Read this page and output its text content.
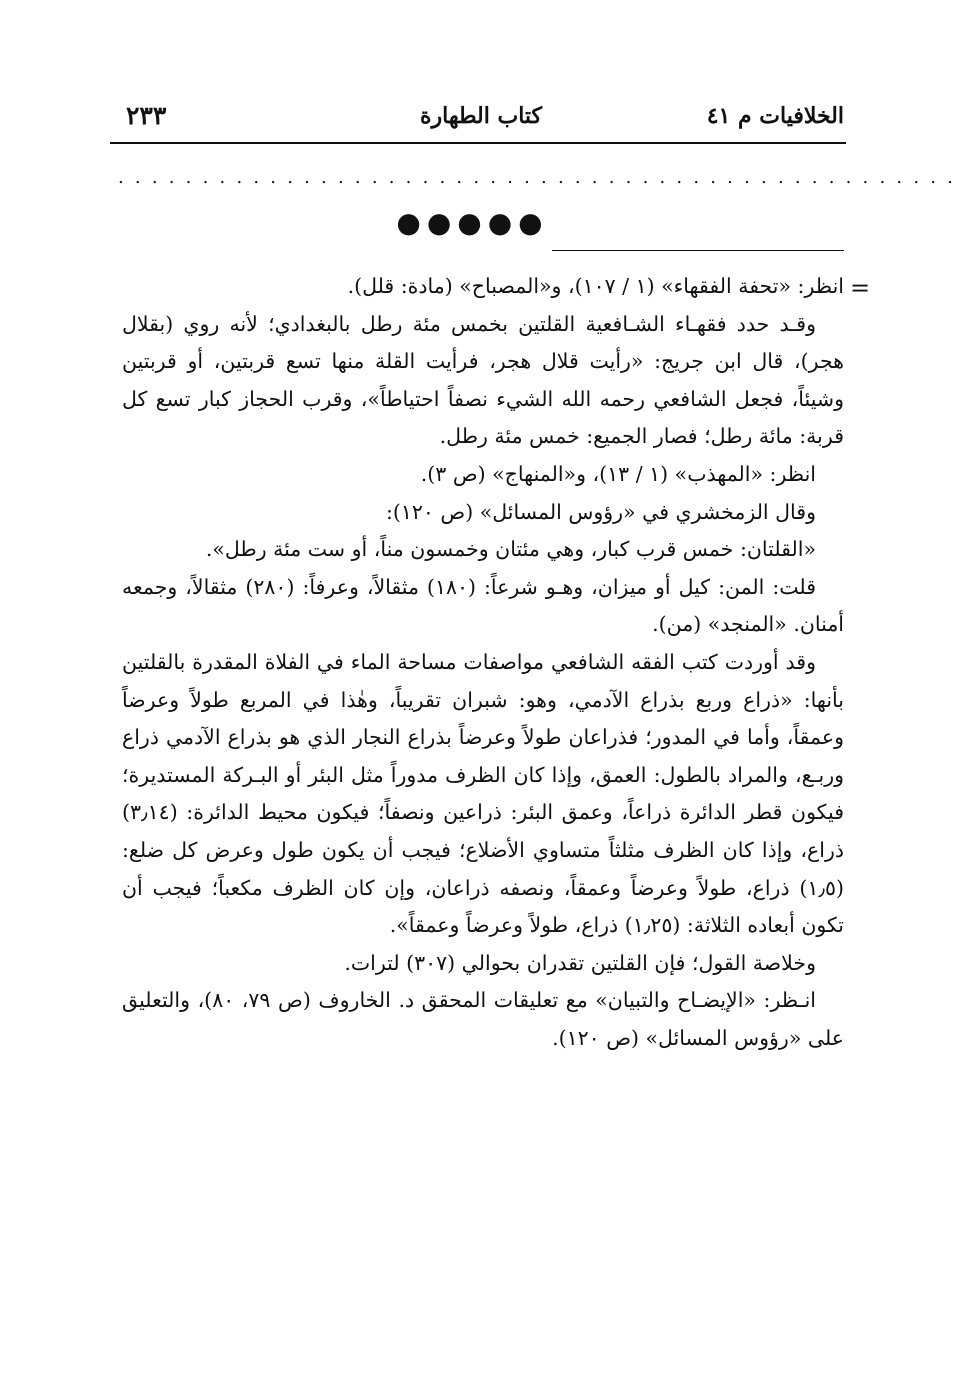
الخلافيات م ٤١
كتاب الطهارة
٢٣٣
..................................................
●●●●●
=

انظر: «تحفة الفقهاء» (١ / ١٠٧)، و«المصباح» (مادة: قلل).

وقـد حدد فقهـاء الشـافعية القلتين بخمس مئة رطل بالبغدادي؛ لأنه روي (بقلال هجر)، قال ابن جريج: «رأيت قلال هجر، فرأيت القلة منها تسع قربتين، أو قربتين وشيئاً، فجعل الشافعي رحمه الله الشيء نصفاً احتياطاً»، وقرب الحجاز كبار تسع كل قربة: مائة رطل؛ فصار الجميع: خمس مئة رطل.

انظر: «المهذب» (١ / ١٣)، و«المنهاج» (ص ٣).

وقال الزمخشري في «رؤوس المسائل» (ص ١٢٠):

«القلتان: خمس قرب كبار، وهي مئتان وخمسون مناً، أو ست مئة رطل».

قلت: المن: كيل أو ميزان، وهـو شرعاً: (١٨٠) مثقالاً، وعرفاً: (٢٨٠) مثقالاً، وجمعه أمنان. «المنجد» (من).

وقد أوردت كتب الفقه الشافعي مواصفات مساحة الماء في الفلاة المقدرة بالقلتين بأنها: «ذراع وربع بذراع الآدمي، وهو: شبران تقريباً، وهٰذا في المربع طولاً وعرضاً وعمقاً، وأما في المدور؛ فذراعان طولاً وعرضاً بذراع النجار الذي هو بذراع الآدمي ذراع وربـع، والمراد بالطول: العمق، وإذا كان الظرف مدوراً مثل البئر أو البـركة المستديرة؛ فيكون قطر الدائرة ذراعاً، وعمق البئر: ذراعين ونصفاً؛ فيكون محيط الدائرة: (٣٫١٤) ذراع، وإذا كان الظرف مثلثاً متساوي الأضلاع؛ فيجب أن يكون طول وعرض كل ضلع: (١٫٥) ذراع، طولاً وعرضاً وعمقاً، ونصفه ذراعان، وإن كان الظرف مكعباً؛ فيجب أن تكون أبعاده الثلاثة: (١٫٢٥) ذراع، طولاً وعرضاً وعمقاً».

وخلاصة القول؛ فإن القلتين تقدران بحوالي (٣٠٧) لترات.

انـظر: «الإيضـاح والتبيان» مع تعليقات المحقق د. الخاروف (ص ٧٩، ٨٠)، والتعليق على «رؤوس المسائل» (ص ١٢٠).
